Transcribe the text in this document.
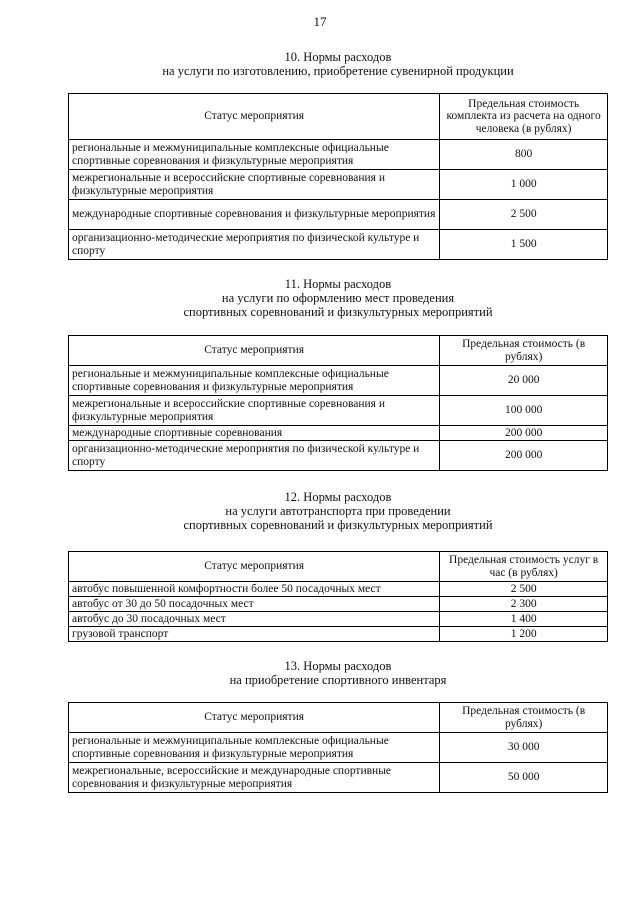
17
10. Нормы расходов
на услуги по изготовлению, приобретение сувенирной продукции
Статус мероприятия	Предельная стоимость комплекта из расчета на одного человека (в рублях)
региональные и межмуниципальные комплексные официальные спортивные соревнования и физкультурные мероприятия	800
межрегиональные и всероссийские спортивные соревнования и физкультурные мероприятия	1 000
международные спортивные соревнования и физкультурные мероприятия	2 500
организационно-методические мероприятия по физической культуре и спорту	1 500
11. Нормы расходов
на услуги по оформлению мест проведения
спортивных соревнований и физкультурных мероприятий
Статус мероприятия	Предельная стоимость (в рублях)
региональные и межмуниципальные комплексные официальные спортивные соревнования и физкультурные мероприятия	20 000
межрегиональные и всероссийские спортивные соревнования и физкультурные мероприятия	100 000
международные спортивные соревнования	200 000
организационно-методические мероприятия по физической культуре и спорту	200 000
12. Нормы расходов
на услуги автотранспорта при проведении
спортивных соревнований и физкультурных мероприятий
Статус мероприятия	Предельная стоимость услуг в час (в рублях)
автобус повышенной комфортности более 50 посадочных мест	2 500
автобус от 30 до 50 посадочных мест	2 300
автобус до 30 посадочных мест	1 400
грузовой транспорт	1 200
13. Нормы расходов
на приобретение спортивного инвентаря
Статус мероприятия	Предельная стоимость (в рублях)
региональные и межмуниципальные комплексные официальные спортивные соревнования и физкультурные мероприятия	30 000
межрегиональные, всероссийские и международные спортивные соревнования и физкультурные мероприятия	50 000
